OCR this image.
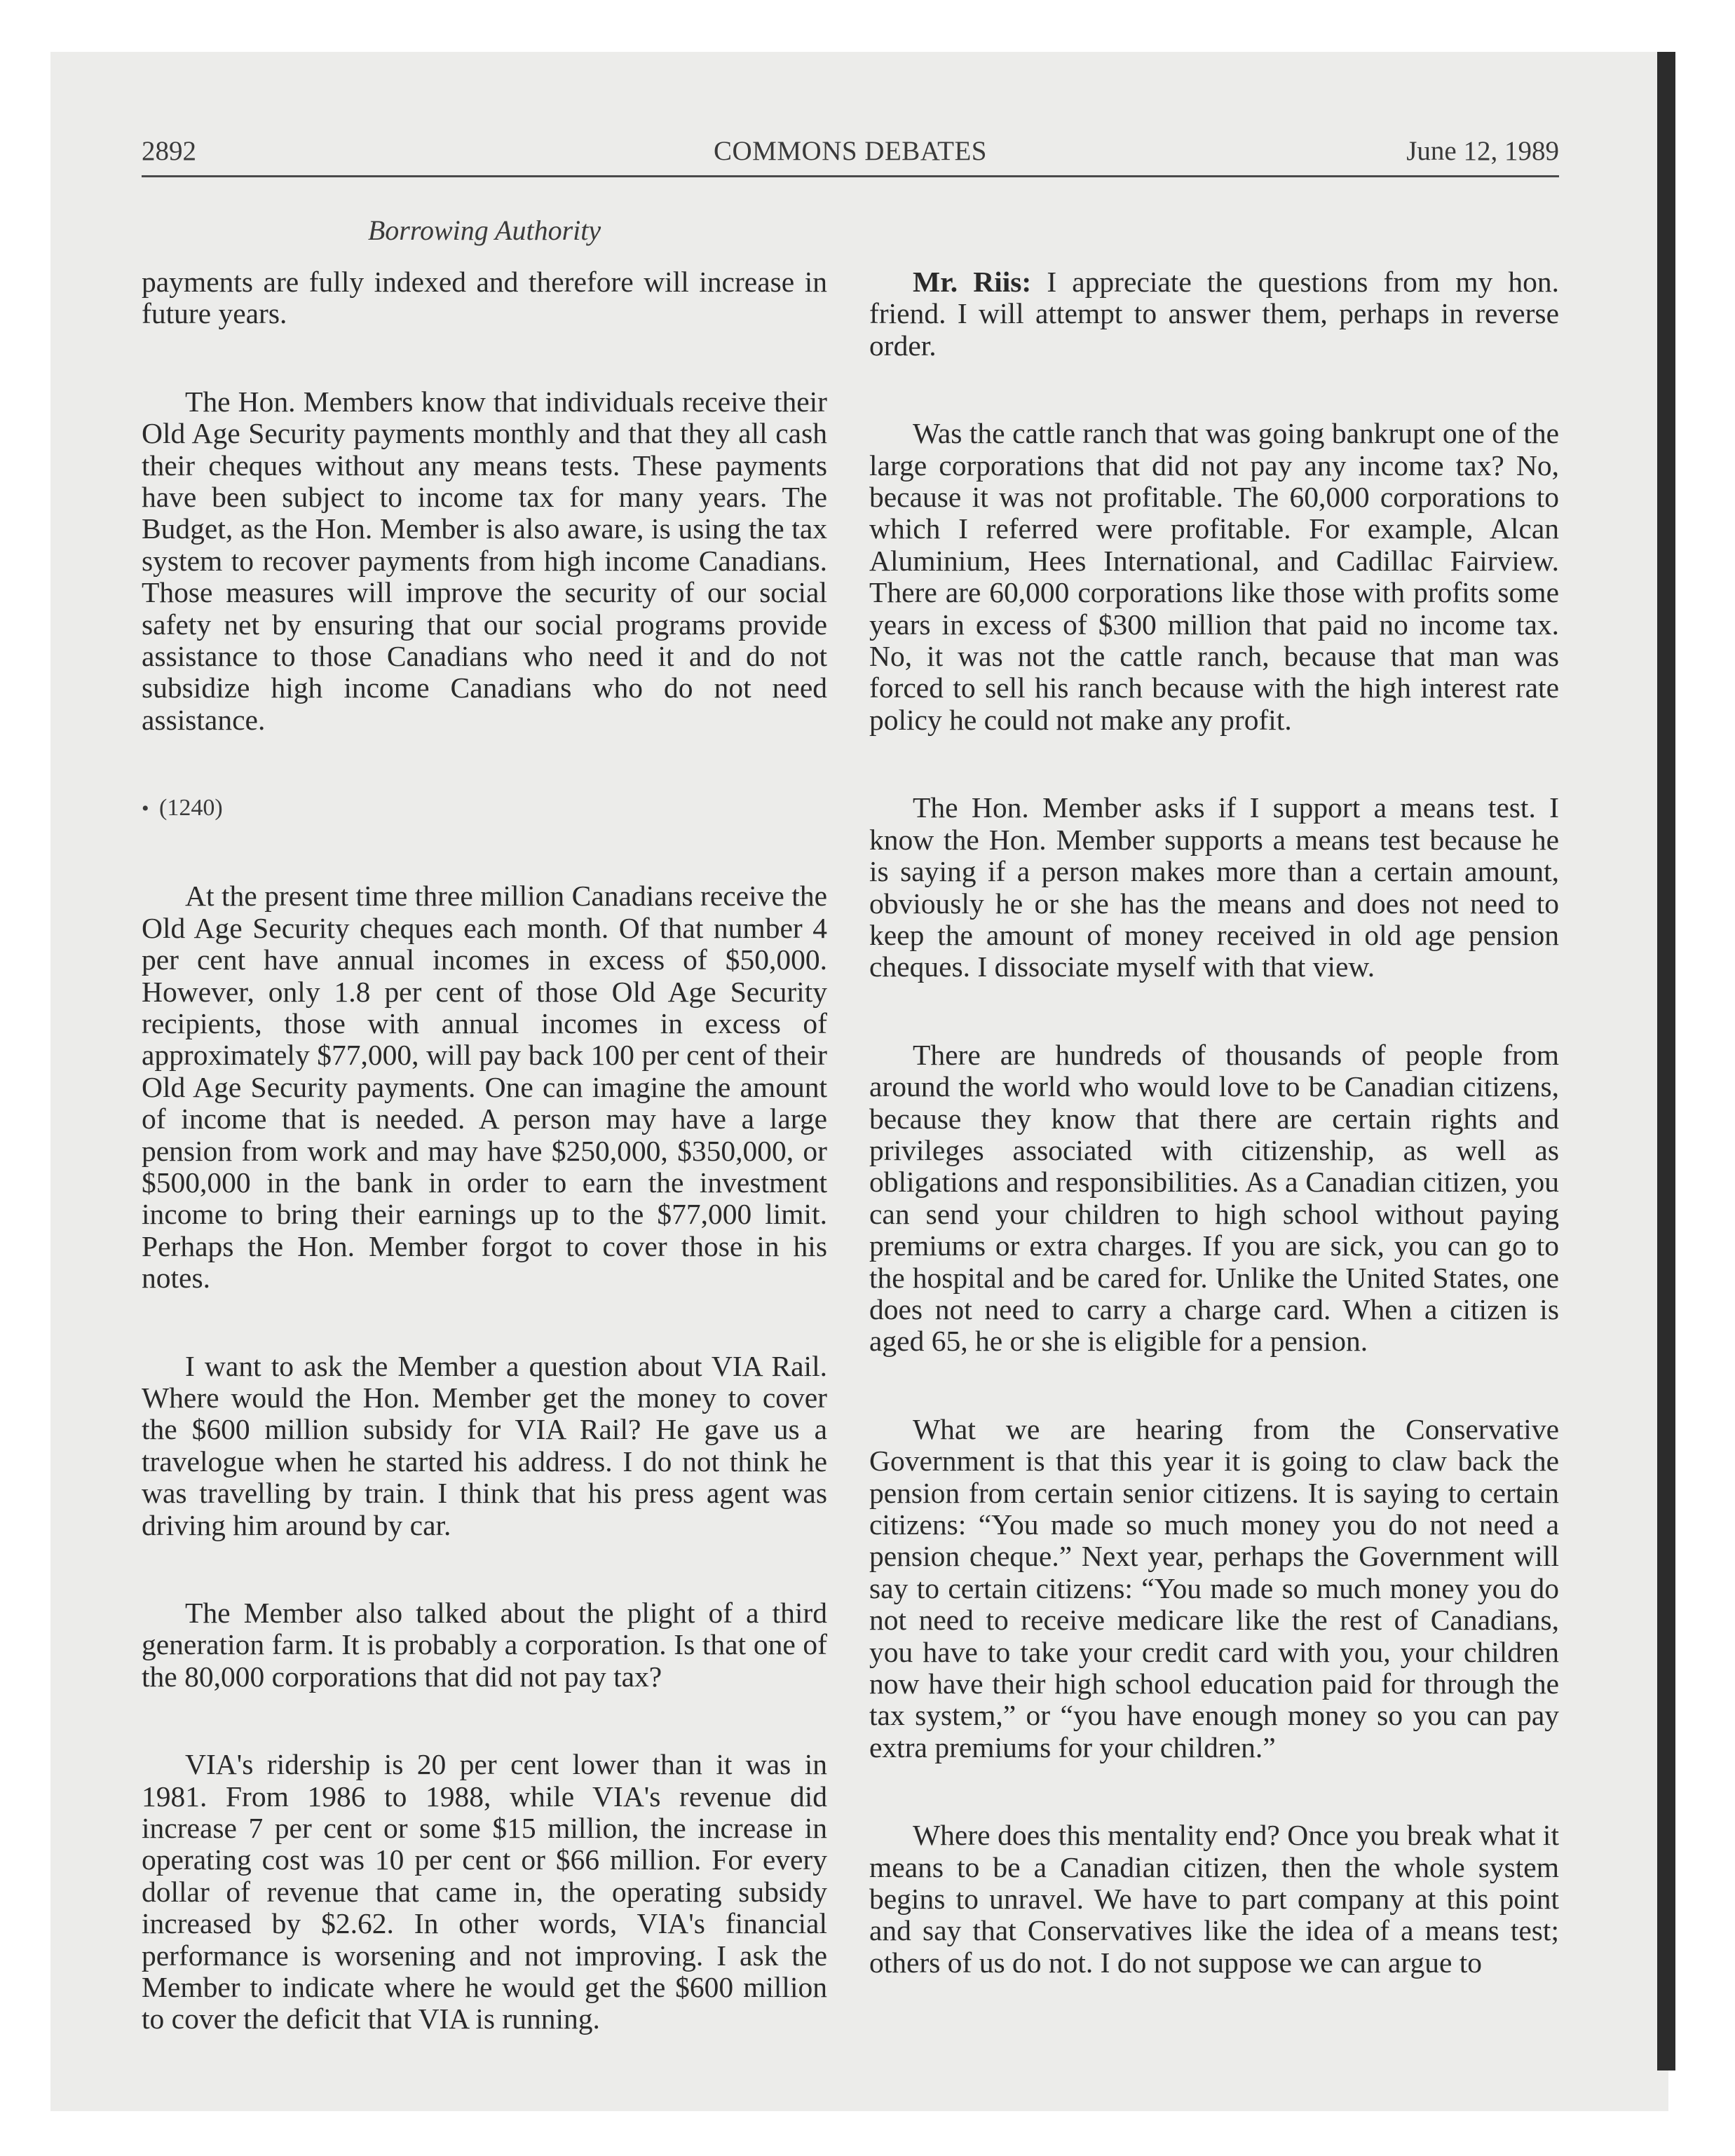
2892	COMMONS DEBATES	June 12, 1989
Borrowing Authority

payments are fully indexed and therefore will increase in future years.

The Hon. Members know that individuals receive their Old Age Security payments monthly and that they all cash their cheques without any means tests. These payments have been subject to income tax for many years. The Budget, as the Hon. Member is also aware, is using the tax system to recover payments from high income Canadians. Those measures will improve the security of our social safety net by ensuring that our social programs provide assistance to those Canadians who need it and do not subsidize high income Canadians who do not need assistance.

• (1240)

At the present time three million Canadians receive the Old Age Security cheques each month. Of that number 4 per cent have annual incomes in excess of $50,000. However, only 1.8 per cent of those Old Age Security recipients, those with annual incomes in excess of approximately $77,000, will pay back 100 per cent of their Old Age Security payments. One can imagine the amount of income that is needed. A person may have a large pension from work and may have $250,000, $350,000, or $500,000 in the bank in order to earn the investment income to bring their earnings up to the $77,000 limit. Perhaps the Hon. Member forgot to cover those in his notes.

I want to ask the Member a question about VIA Rail. Where would the Hon. Member get the money to cover the $600 million subsidy for VIA Rail? He gave us a travelogue when he started his address. I do not think he was travelling by train. I think that his press agent was driving him around by car.

The Member also talked about the plight of a third generation farm. It is probably a corporation. Is that one of the 80,000 corporations that did not pay tax?

VIA's ridership is 20 per cent lower than it was in 1981. From 1986 to 1988, while VIA's revenue did increase 7 per cent or some $15 million, the increase in operating cost was 10 per cent or $66 million. For every dollar of revenue that came in, the operating subsidy increased by $2.62. In other words, VIA's financial performance is worsening and not improving. I ask the Member to indicate where he would get the $600 million to cover the deficit that VIA is running.

Mr. Riis: I appreciate the questions from my hon. friend. I will attempt to answer them, perhaps in reverse order.

Was the cattle ranch that was going bankrupt one of the large corporations that did not pay any income tax? No, because it was not profitable. The 60,000 corporations to which I referred were profitable. For example, Alcan Aluminium, Hees International, and Cadillac Fairview. There are 60,000 corporations like those with profits some years in excess of $300 million that paid no income tax. No, it was not the cattle ranch, because that man was forced to sell his ranch because with the high interest rate policy he could not make any profit.

The Hon. Member asks if I support a means test. I know the Hon. Member supports a means test because he is saying if a person makes more than a certain amount, obviously he or she has the means and does not need to keep the amount of money received in old age pension cheques. I dissociate myself with that view.

There are hundreds of thousands of people from around the world who would love to be Canadian citizens, because they know that there are certain rights and privileges associated with citizenship, as well as obligations and responsibilities. As a Canadian citizen, you can send your children to high school without paying premiums or extra charges. If you are sick, you can go to the hospital and be cared for. Unlike the United States, one does not need to carry a charge card. When a citizen is aged 65, he or she is eligible for a pension.

What we are hearing from the Conservative Government is that this year it is going to claw back the pension from certain senior citizens. It is saying to certain citizens: “You made so much money you do not need a pension cheque.” Next year, perhaps the Government will say to certain citizens: “You made so much money you do not need to receive medicare like the rest of Canadians, you have to take your credit card with you, your children now have their high school education paid for through the tax system,” or “you have enough money so you can pay extra premiums for your children.”

Where does this mentality end? Once you break what it means to be a Canadian citizen, then the whole system begins to unravel. We have to part company at this point and say that Conservatives like the idea of a means test; others of us do not. I do not suppose we can argue to
